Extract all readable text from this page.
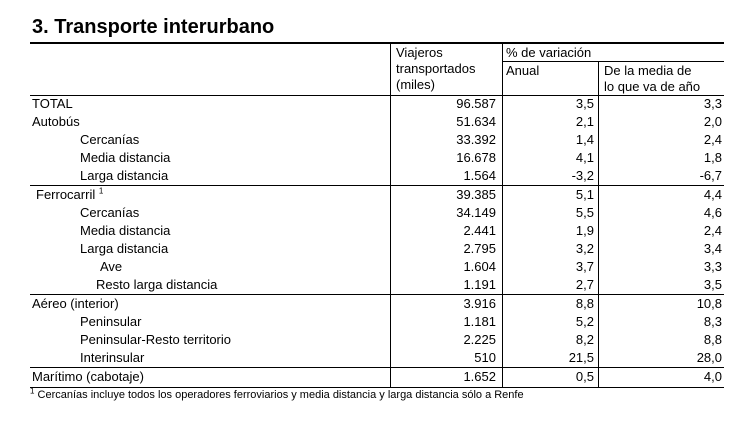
3. Transporte interurbano
Viajeros
transportados
(miles)
% de variación
Anual	De la media de
lo que va de año
TOTAL	96.587	3,5	3,3
Autobús	51.634	2,1	2,0
Cercanías	33.392	1,4	2,4
Media distancia	16.678	4,1	1,8
Larga distancia	1.564	-3,2	-6,7
Ferrocarril $^1$	39.385	5,1	4,4
Cercanías	34.149	5,5	4,6
Media distancia	2.441	1,9	2,4
Larga distancia	2.795	3,2	3,4
Ave	1.604	3,7	3,3
Resto larga distancia	1.191	2,7	3,5
Aéreo (interior)	3.916	8,8	10,8
Peninsular	1.181	5,2	8,3
Peninsular-Resto territorio	2.225	8,2	8,8
Interinsular	510	21,5	28,0
Marítimo (cabotaje)	1.652	0,5	4,0
$^1$ Cercanías incluye todos los operadores ferroviarios y media distancia y larga distancia sólo a Renfe
